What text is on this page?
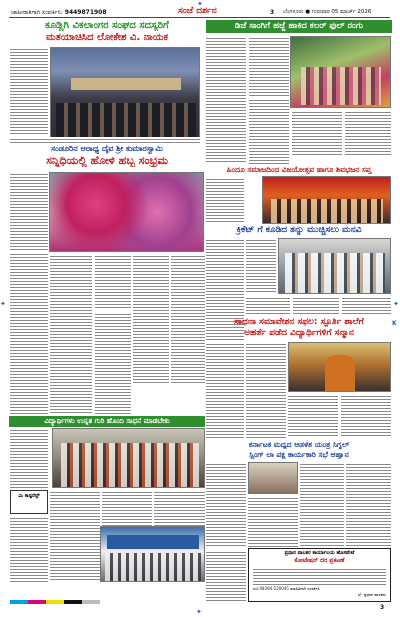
✦
✦	✦
✦
ಜಾಹೀರಾತಿಗಾಗಿ ಸಂಪರ್ಕಿಸಿ: 9449871908	ಸಂಜೆ ದರ್ಶನ	ಬೆಂಗಳೂರು ● ಗುರುವಾರ 05 ಮಾರ್ಚ್ 2026
3
ಕೂಡ್ಲಿಗಿ ವಿಕಲಾಂಗರ ಸಂಘದ ಸದಸ್ಯರಿಗೆ
ಮತಯಾಚಿಸಿದ ಲೋಕೇಶ ವಿ. ನಾಯಕ
ಡಿಜೆ ಸಾಂಗಿಗೆ ಹಜ್ಜೆ ಹಾಕಿದ ಕಲರ್ ಫುಲ್ ರಂಗು
ಸಂಡೂರಿನ ಆರಾಧ್ಯ ದೈವ ಶ್ರೀ ಕುಮಾರಸ್ವಾಮಿ
ಸನ್ನಿಧಿಯಲ್ಲಿ ಹೋಳಿ ಹಬ್ಬ ಸಂಭ್ರಮ
ಹಿಂದೂ ಸಮಾಜದಿಂದ ವಿಜಯೋತ್ಸವ ಹಾಗೂ ಶಿವಭಜನ ಸಪ್ತ
ಕ್ರಿಕೆಟ್ ಗೆ ಕೂಡಿದ ತನ್ನು ಮುಚ್ಚಿಸಲು ಮನವಿ
ಸಾಧನಾ ಸಮಾವೇಶನ ಸಫಲ: ಸ್ಪೂರ್ತಿ ಶಾಲೆಗೆ
ಅಹರ್ತೆ ಪಡೆದ ವಿದ್ಯಾರ್ಥಿಗಳಿಗೆ ಸನ್ಮಾನ
ವಿದ್ಯಾರ್ಥಿಗಳು ಉನ್ನತ ಗುರಿ ಹೊಂದಿ ಸಾಧನೆ ಮಾಡಬೇಕು
ಮಿ ಕಾನ್ಫರೆನ್ಸ್
ಕರ್ನಾಟಕ ಮಧ್ಯದ ಆಡಳಿತ ಯಂತ್ರ ಸಿಗ್ನಲ್
ಸ್ಪ್ರಿಂಗ್ ಲಾ ಪಕ್ಷ ಕಾರ್ಯಕಾರಿ ಸಭೆ ಆಹ್ವಾನ
ಪ್ರಧಾನ ಪಾಲಕರ ಕಾರ್ಯಾಲಯ ಹೊಸಪೇಟೆ
ಕೋಟೇಷನ್ ದರ ಪ್ರಕಟಣೆ
ದೂ:08394-220045 ಮಾಹಿತಿಗಾಗಿ ಸಂಪರ್ಕಿಸಿ
ಸ/- ಪ್ರಧಾನ ಪಾಲಕರು
3
K
